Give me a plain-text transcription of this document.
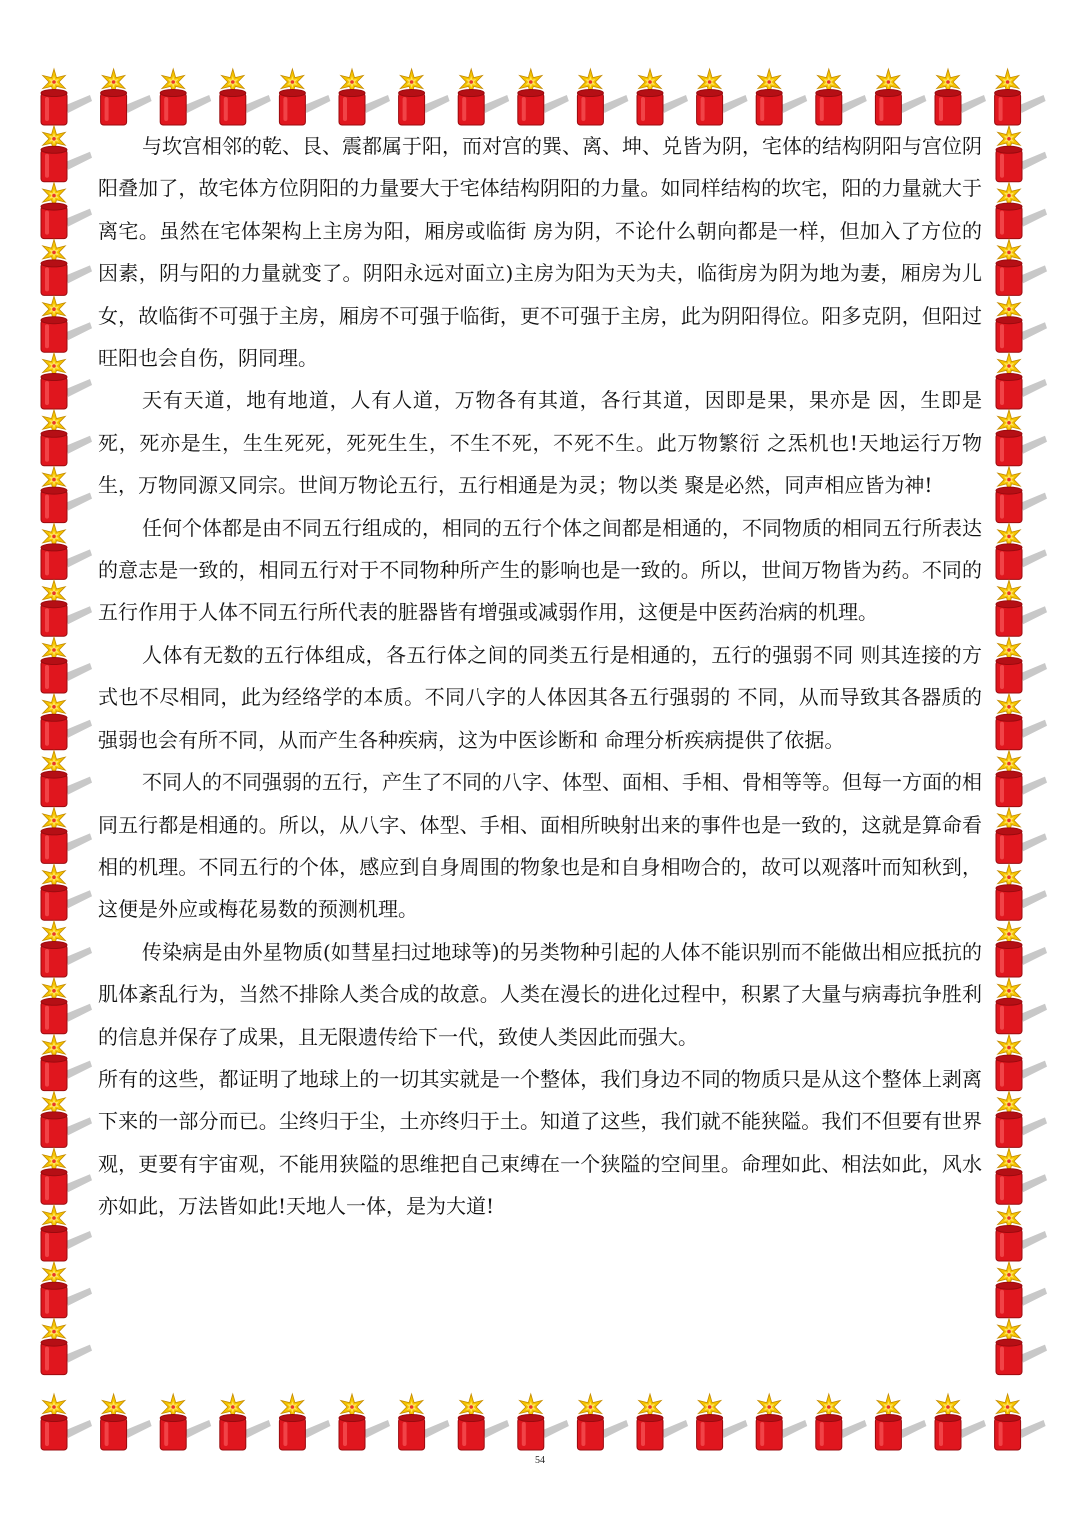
与坎宫相邻的乾、艮、震都属于阳，而对宫的巽、离、坤、兑皆为阴，宅体的结构阴阳与宫位阴阳叠加了，故宅体方位阴阳的力量要大于宅体结构阴阳的力量。如同样结构的坎宅，阳的力量就大于离宅。虽然在宅体架构上主房为阳，厢房或临街 房为阴，不论什么朝向都是一样，但加入了方位的因素，阴与阳的力量就变了。阴阳永远对面立)主房为阳为天为夫，临街房为阴为地为妻，厢房为儿女，故临街不可强于主房，厢房不可强于临街，更不可强于主房，此为阴阳得位。阳多克阴，但阳过旺阳也会自伤，阴同理。

天有天道，地有地道，人有人道，万物各有其道，各行其道，因即是果，果亦是 因，生即是死，死亦是生，生生死死，死死生生，不生不死，不死不生。此万物繁衍 之炁机也!天地运行万物生，万物同源又同宗。世间万物论五行，五行相通是为灵；物以类 聚是必然，同声相应皆为神!

任何个体都是由不同五行组成的，相同的五行个体之间都是相通的，不同物质的相同五行所表达的意志是一致的，相同五行对于不同物种所产生的影响也是一致的。所以，世间万物皆为药。不同的五行作用于人体不同五行所代表的脏器皆有增强或减弱作用，这便是中医药治病的机理。

人体有无数的五行体组成，各五行体之间的同类五行是相通的，五行的强弱不同 则其连接的方式也不尽相同，此为经络学的本质。不同八字的人体因其各五行强弱的 不同，从而导致其各器质的强弱也会有所不同，从而产生各种疾病，这为中医诊断和 命理分析疾病提供了依据。

不同人的不同强弱的五行，产生了不同的八字、体型、面相、手相、骨相等等。但每一方面的相同五行都是相通的。所以，从八字、体型、手相、面相所映射出来的事件也是一致的，这就是算命看相的机理。不同五行的个体，感应到自身周围的物象也是和自身相吻合的，故可以观落叶而知秋到，这便是外应或梅花易数的预测机理。

传染病是由外星物质(如彗星扫过地球等)的另类物种引起的人体不能识别而不能做出相应抵抗的肌体紊乱行为，当然不排除人类合成的故意。人类在漫长的进化过程中，积累了大量与病毒抗争胜利的信息并保存了成果，且无限遗传给下一代，致使人类因此而强大。

所有的这些，都证明了地球上的一切其实就是一个整体，我们身边不同的物质只是从这个整体上剥离下来的一部分而已。尘终归于尘，土亦终归于土。知道了这些，我们就不能狭隘。我们不但要有世界观，更要有宇宙观，不能用狭隘的思维把自己束缚在一个狭隘的空间里。命理如此、相法如此，风水亦如此，万法皆如此!天地人一体，是为大道!

54
